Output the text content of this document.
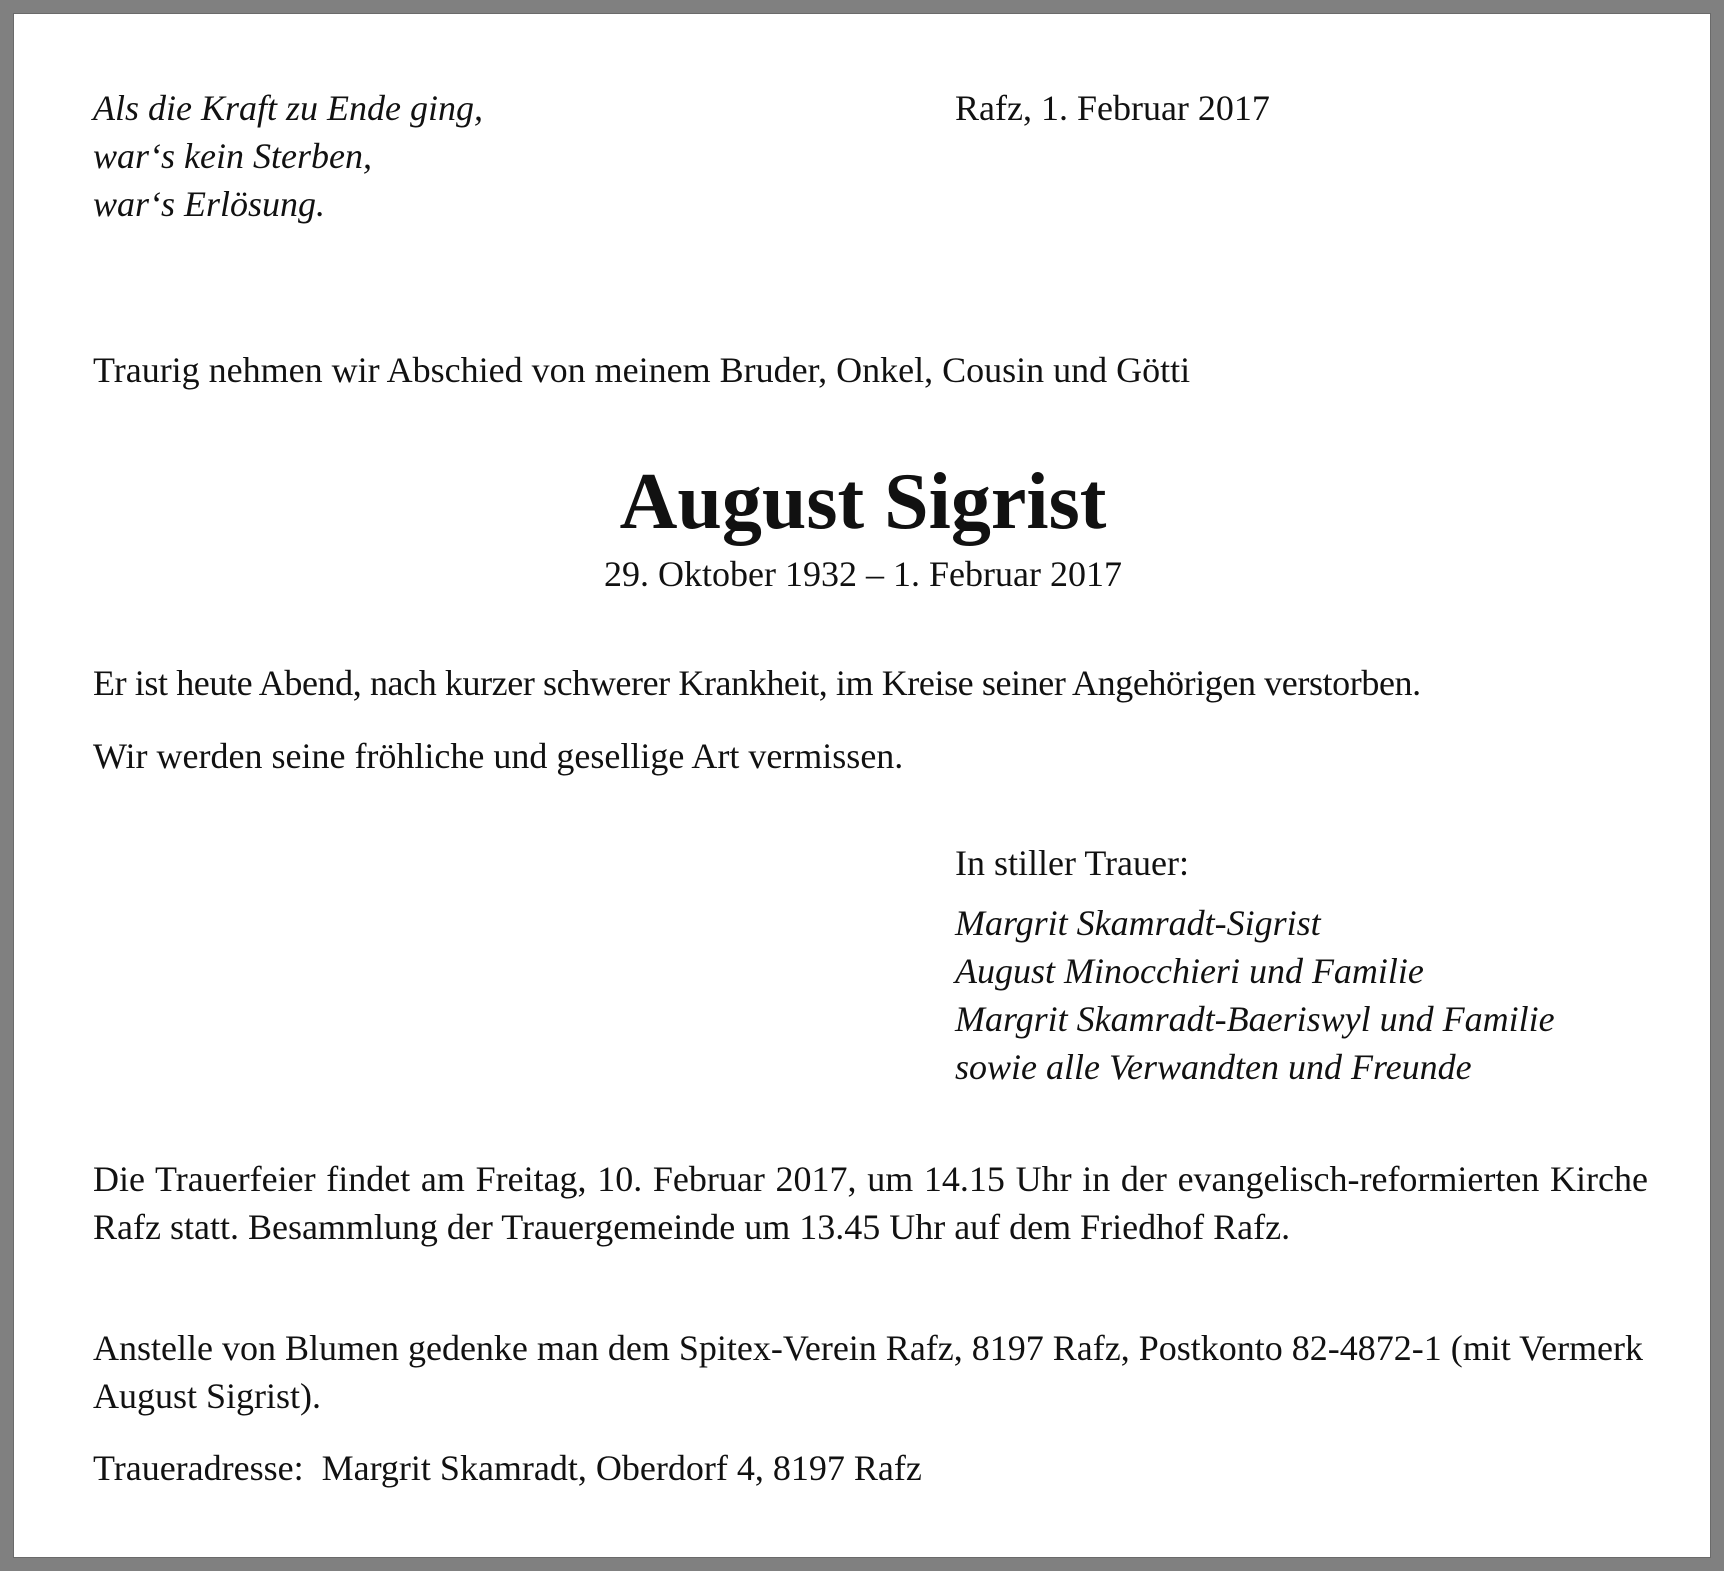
Als die Kraft zu Ende ging,
war‘s kein Sterben,
war‘s Erlösung.

Rafz, 1. Februar 2017

Traurig nehmen wir Abschied von meinem Bruder, Onkel, Cousin und Götti

August Sigrist

29. Oktober 1932 – 1. Februar 2017

Er ist heute Abend, nach kurzer schwerer Krankheit, im Kreise seiner Angehörigen verstorben.

Wir werden seine fröhliche und gesellige Art vermissen.

In stiller Trauer:

Margrit Skamradt-Sigrist
August Minocchieri und Familie
Margrit Skamradt-Baeriswyl und Familie
sowie alle Verwandten und Freunde

Die Trauerfeier findet am Freitag, 10. Februar 2017, um 14.15 Uhr in der evangelisch-reformierten Kirche Rafz statt. Besammlung der Trauergemeinde um 13.45 Uhr auf dem Friedhof Rafz.

Anstelle von Blumen gedenke man dem Spitex-Verein Rafz, 8197 Rafz, Postkonto 82-4872-1 (mit Vermerk August Sigrist).

Traueradresse: Margrit Skamradt, Oberdorf 4, 8197 Rafz
